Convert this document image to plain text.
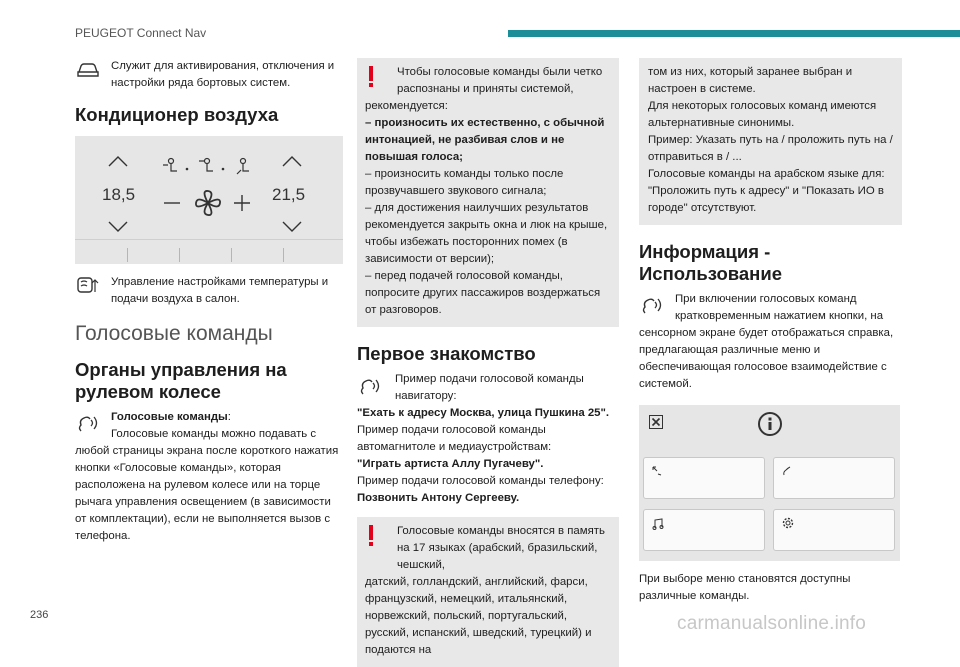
PEUGEOT Connect Nav

Служит для активирования, отключения и настройки ряда бортовых систем.

Кондиционер воздуха
18,5	21,5

Управление настройками температуры и подачи воздуха в салон.

Голосовые команды
Органы управления на рулевом колесе

Голосовые команды:

Голосовые команды можно подавать с

любой страницы экрана после короткого нажатия кнопки «Голосовые команды», которая расположена на рулевом колесе или на торце рычага управления освещением (в зависимости от комплектации), если не выполняется вызов с телефона.

Чтобы голосовые команды были четко распознаны и приняты системой,

рекомендуется:

– произносить их естественно, с обычной интонацией, не разбивая слов и не повышая голоса;

– произносить команды только после прозвучавшего звукового сигнала;

– для достижения наилучших результатов рекомендуется закрыть окна и люк на крыше, чтобы избежать посторонних помех (в зависимости от версии);

– перед подачей голосовой команды, попросите других пассажиров воздержаться от разговоров.

Первое знакомство

Пример подачи голосовой команды навигатору:

"Ехать к адресу Москва, улица Пушкина 25".

Пример подачи голосовой команды автомагнитоле и медиаустройствам:

"Играть артиста Аллу Пугачеву".

Пример подачи голосовой команды телефону:

Позвонить Антону Сергееву.

Голосовые команды вносятся в память на 17 языках (арабский, бразильский, чешский,

датский, голландский, английский, фарси, французский, немецкий, итальянский, норвежский, польский, португальский, русский, испанский, шведский, турецкий) и подаются на

том из них, который заранее выбран и настроен в системе.
Для некоторых голосовых команд имеются альтернативные синонимы.
Пример: Указать путь на / проложить путь на / отправиться в / ...
Голосовые команды на арабском языке для: "Проложить путь к адресу" и "Показать ИО в городе" отсутствуют.

Информация - Использование

При включении голосовых команд кратковременным нажатием кнопки, на

сенсорном экране будет отображаться справка, предлагающая различные меню и обеспечивающая голосовое взаимодействие с системой.

При выборе меню становятся доступны различные команды.

236	carmanualsonline.info
